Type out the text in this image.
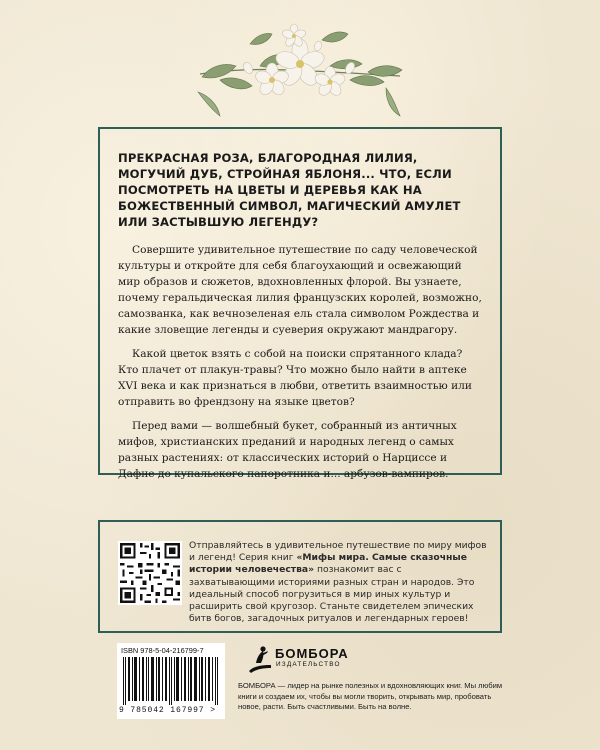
ПРЕКРАСНАЯ РОЗА, БЛАГОРОДНАЯ ЛИЛИЯ, МОГУЧИЙ ДУБ, СТРОЙНАЯ ЯБЛОНЯ... ЧТО, ЕСЛИ ПОСМОТРЕТЬ НА ЦВЕТЫ И ДЕРЕВЬЯ КАК НА БОЖЕСТВЕННЫЙ СИМВОЛ, МАГИЧЕСКИЙ АМУЛЕТ ИЛИ ЗАСТЫВШУЮ ЛЕГЕНДУ?

Совершите удивительное путешествие по саду человеческой культуры и откройте для себя благоухающий и освежающий мир образов и сюжетов, вдохновленных флорой. Вы узнаете, почему геральдическая лилия французских королей, возможно, самозванка, как вечнозеленая ель стала символом Рождества и какие зловещие легенды и суеверия окружают мандрагору.

Какой цветок взять с собой на поиски спрятанного клада? Кто плачет от плакун-травы? Что можно было найти в аптеке XVI века и как признаться в любви, ответить взаимностью или отправить во френдзону на языке цветов?

Перед вами — волшебный букет, собранный из античных мифов, христианских преданий и народных легенд о самых разных растениях: от классических историй о Нарциссе и Дафне до купальского папоротника и... арбузов-вампиров.

Отправляйтесь в удивительное путешествие по миру мифов и легенд! Серия книг «Мифы мира. Самые сказочные истории человечества» познакомит вас с захватывающими историями разных стран и народов. Это идеальный способ погрузиться в мир иных культур и расширить свой кругозор. Станьте свидетелем эпических битв богов, загадочных ритуалов и легендарных героев!
ISBN 978-5-04-216799-7
9 785042 167997 >
БОМБОРА
ИЗДАТЕЛЬСТВО
БОМБОРА — лидер на рынке полезных и вдохновляющих книг. Мы любим книги и создаем их, чтобы вы могли творить, открывать мир, пробовать новое, расти. Быть счастливыми. Быть на волне.
